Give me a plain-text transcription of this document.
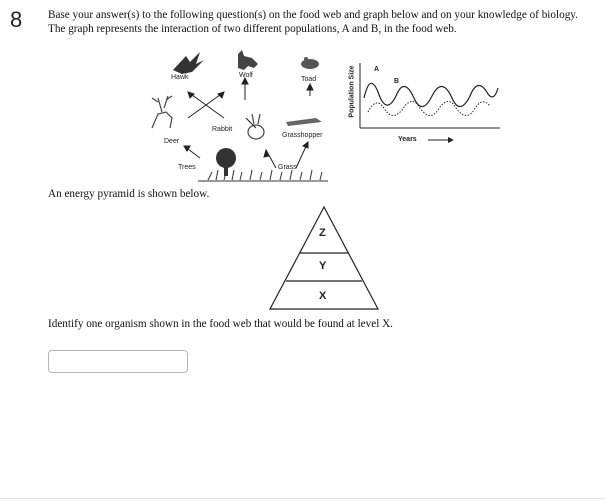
8 Base your answer(s) to the following question(s) on the food web and graph below and on your knowledge of biology. The graph represents the interaction of two different populations, A and B, in the food web.
Hawk	Wolf
Toad
Deer
Rabbit
Grasshopper
Trees	Grass
Population Size
Years
A
B
An energy pyramid is shown below.
Z
Y
X
Identify one organism shown in the food web that would be found at level X.
